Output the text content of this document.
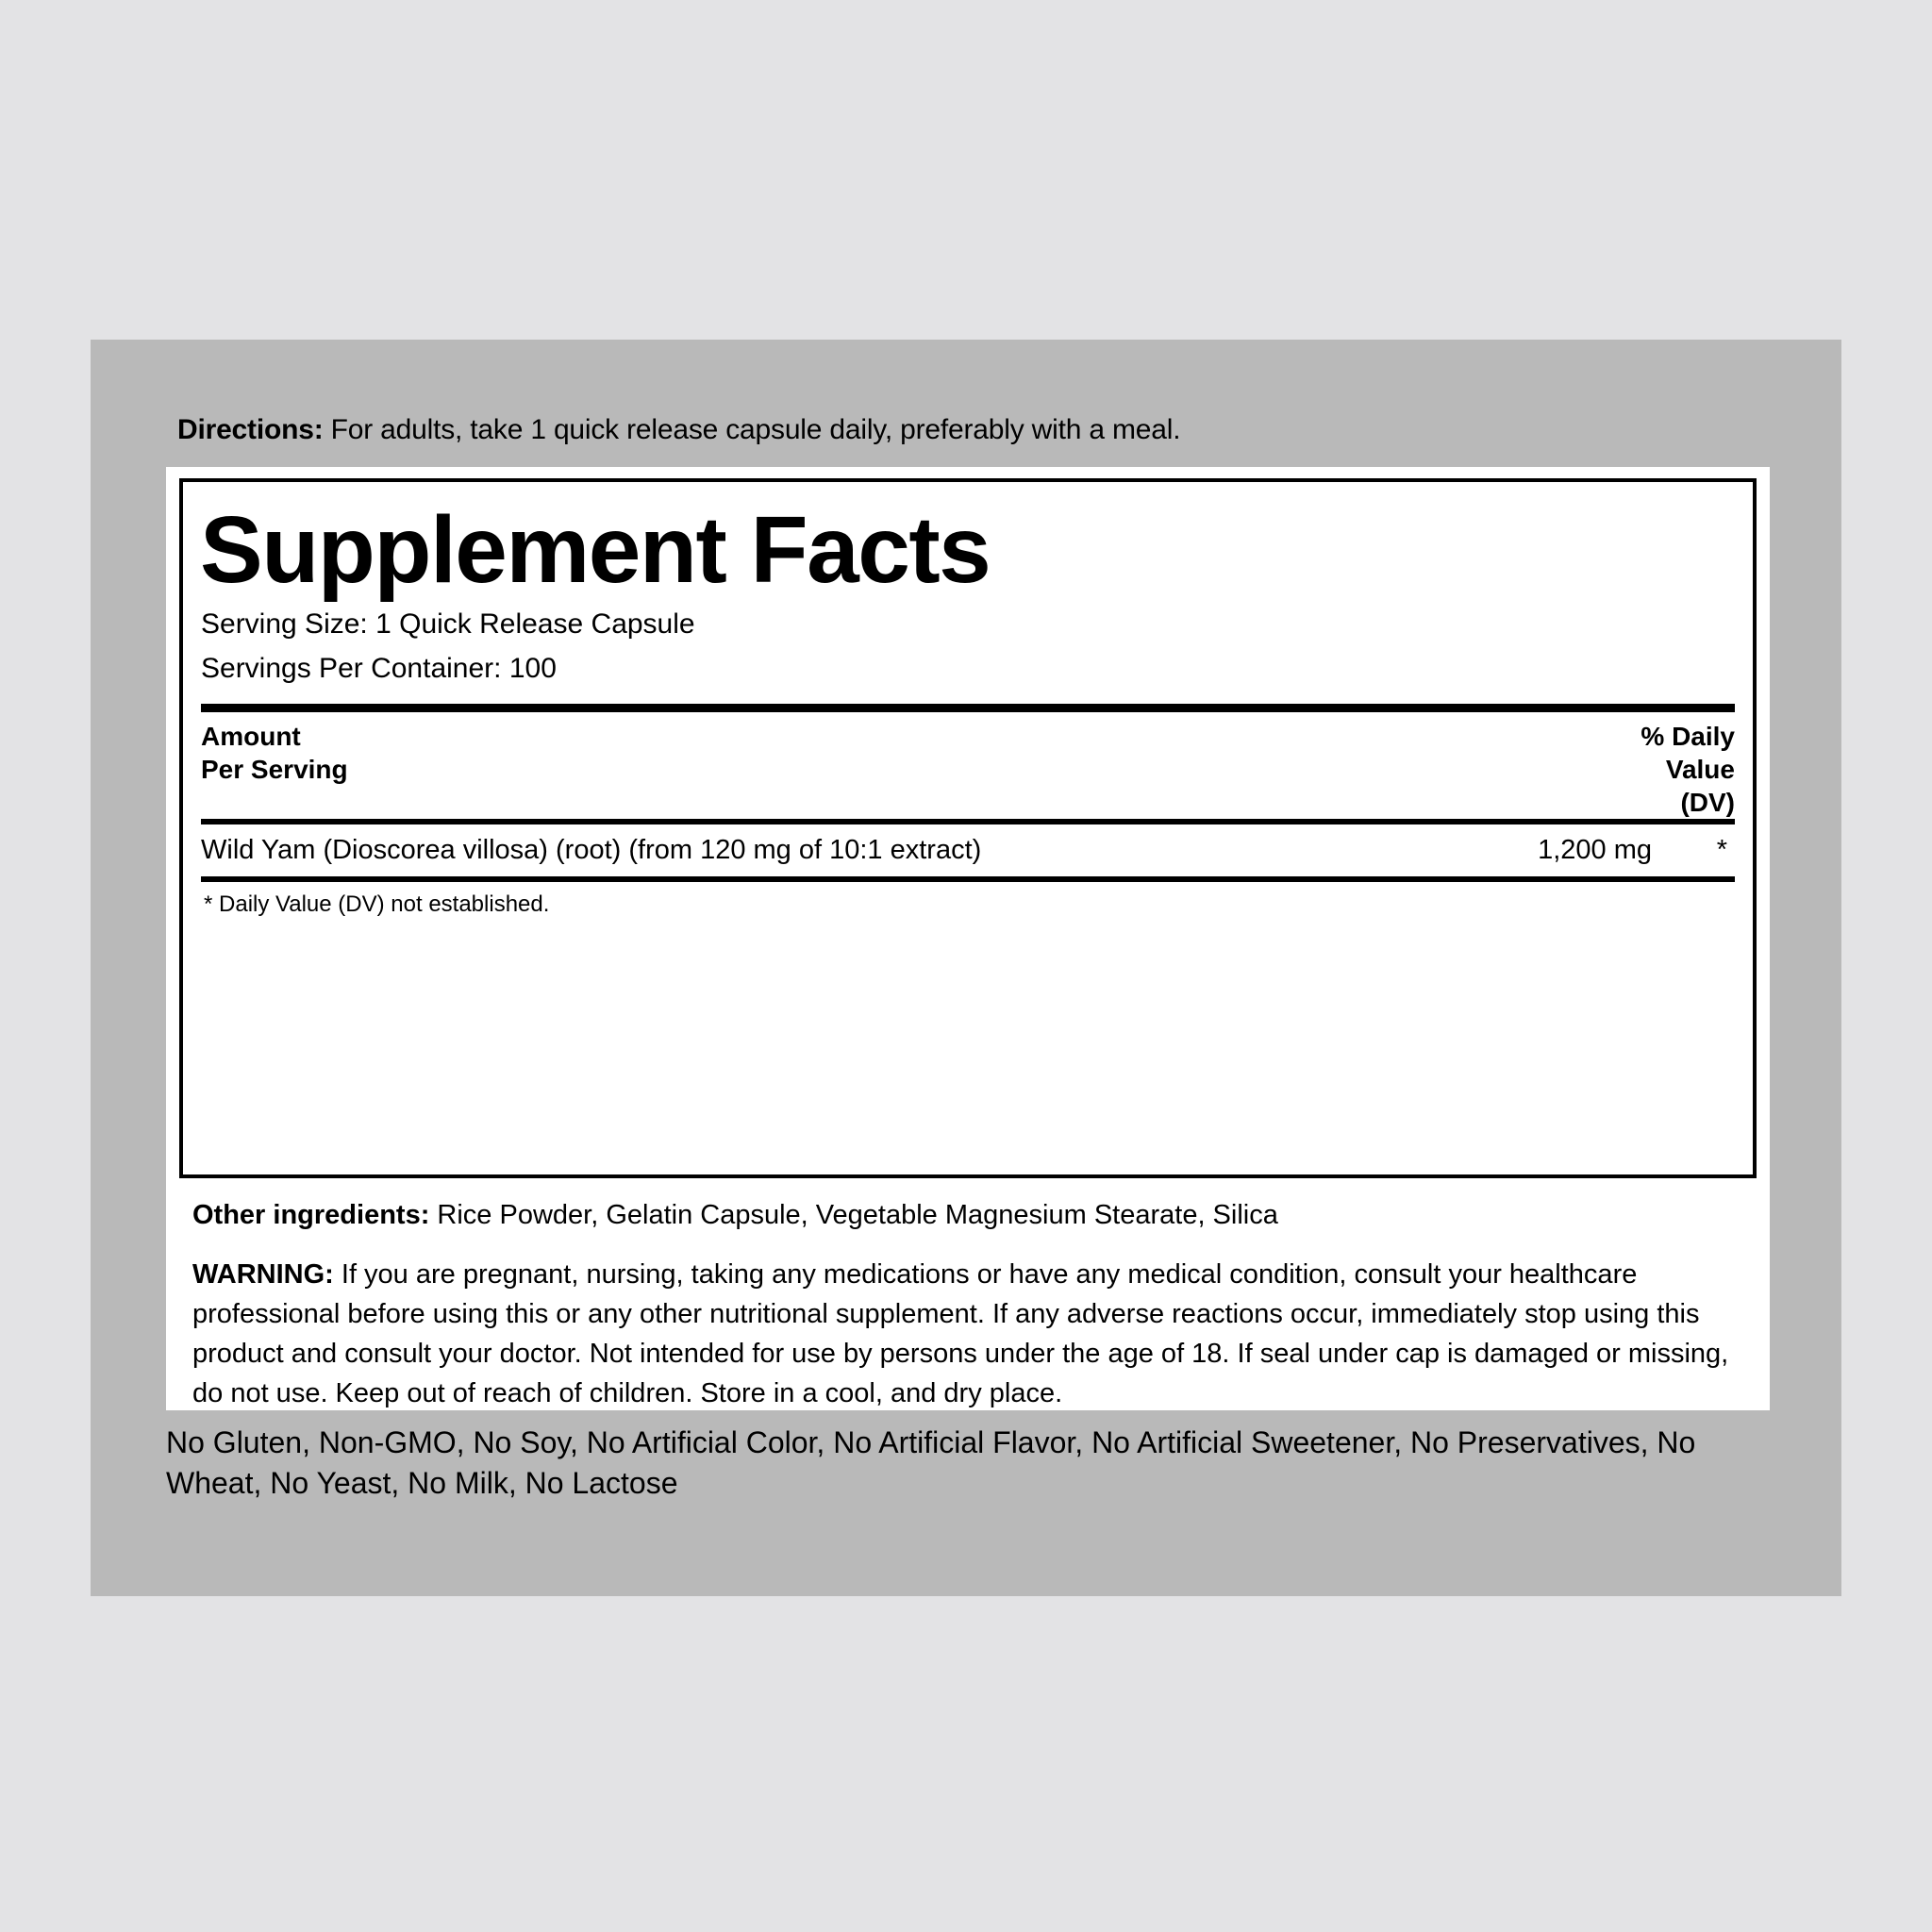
Directions: For adults, take 1 quick release capsule daily, preferably with a meal.
Supplement Facts
Serving Size: 1 Quick Release Capsule
Servings Per Container: 100
Amount
Per Serving
% Daily
Value
(DV)
Wild Yam (Dioscorea villosa) (root) (from 120 mg of 10:1 extract)	1,200 mg	*
* Daily Value (DV) not established.
Other ingredients: Rice Powder, Gelatin Capsule, Vegetable Magnesium Stearate, Silica
WARNING: If you are pregnant, nursing, taking any medications or have any medical condition, consult your healthcare professional before using this or any other nutritional supplement. If any adverse reactions occur, immediately stop using this product and consult your doctor. Not intended for use by persons under the age of 18. If seal under cap is damaged or missing, do not use. Keep out of reach of children. Store in a cool, and dry place.
No Gluten, Non-GMO, No Soy, No Artificial Color, No Artificial Flavor, No Artificial Sweetener, No Preservatives, No Wheat, No Yeast, No Milk, No Lactose
